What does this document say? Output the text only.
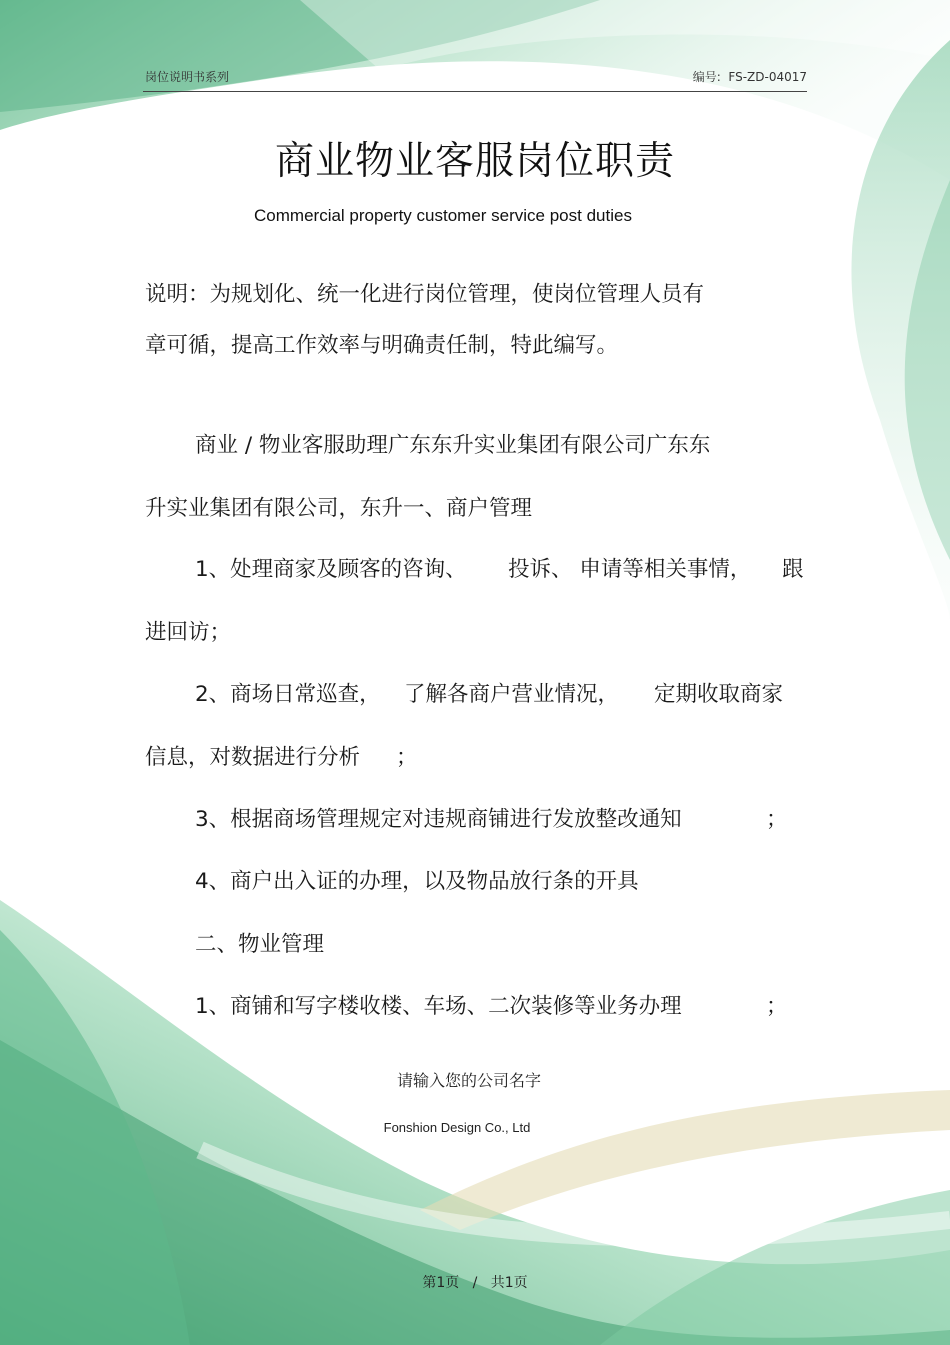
岗位说明书系列	编号: FS-ZD-04017
商业物业客服岗位职责
Commercial property customer service post duties
说明：为规划化、统一化进行岗位管理，使岗位管理人员有
章可循，提高工作效率与明确责任制，特此编写。
商业 / 物业客服助理广东东升实业集团有限公司广东东
升实业集团有限公司，东升一、商户管理
1、处理商家及顾客的咨询、 投诉、 申请等相关事情， 跟
进回访；
2、商场日常巡查， 了解各商户营业情况， 定期收取商家
信息，对数据进行分析 ；
3、根据商场管理规定对违规商铺进行发放整改通知	；
4、商户出入证的办理，以及物品放行条的开具
二、物业管理
1、商铺和写字楼收楼、车场、二次装修等业务办理	；
请输入您的公司名字
Fonshion Design Co., Ltd
第1页   /   共1页
